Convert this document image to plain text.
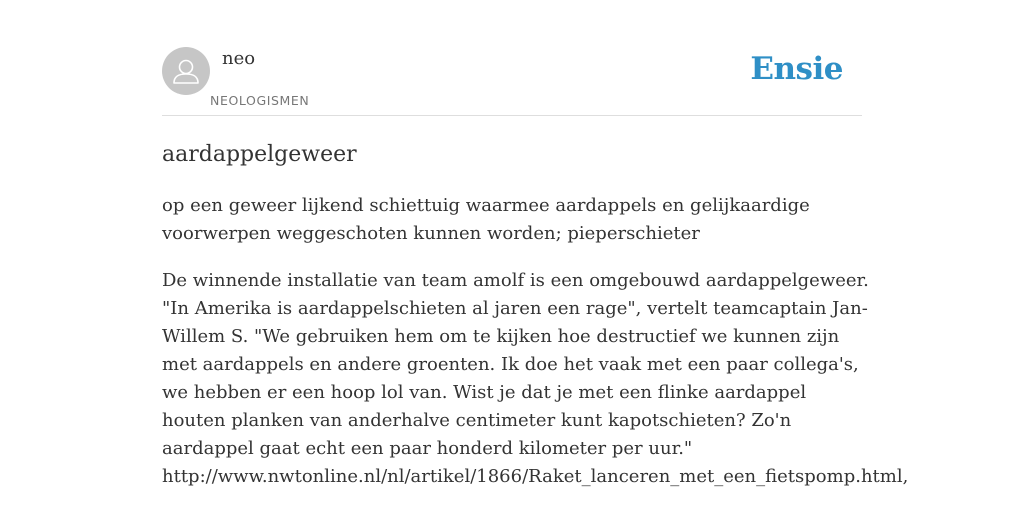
neo
NEOLOGISMEN
Ensie
aardappelgeweer

op een geweer lijkend schiettuig waarmee aardappels en gelijkaardige voorwerpen weggeschoten kunnen worden; pieperschieter

De winnende installatie van team amolf is een omgebouwd aardappelgeweer. "In Amerika is aardappelschieten al jaren een rage", vertelt teamcaptain Jan-Willem S. "We gebruiken hem om te kijken hoe destructief we kunnen zijn met aardappels en andere groenten. Ik doe het vaak met een paar collega's, we hebben er een hoop lol van. Wist je dat je met een flinke aardappel houten planken van anderhalve centimeter kunt kapotschieten? Zo'n aardappel gaat echt een paar honderd kilometer per uur." http://www.nwtonline.nl/nl/artikel/1866/Raket_lanceren_met_een_fietspomp.html,
